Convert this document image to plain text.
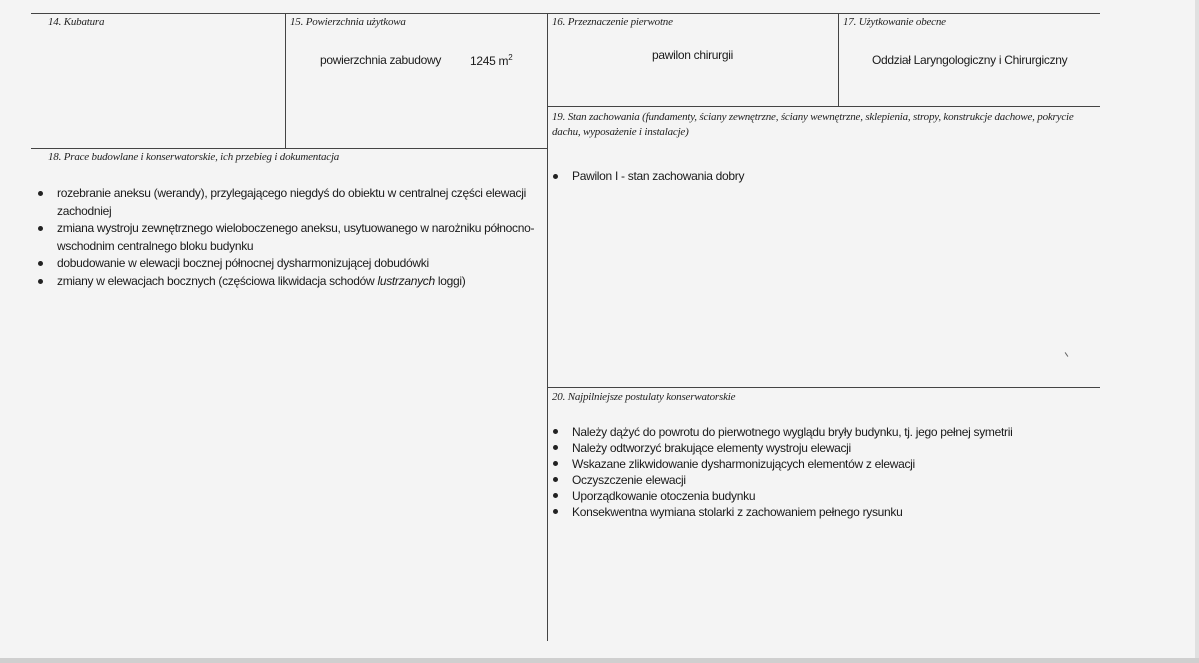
14. Kubatura	15. Powierzchnia użytkowa
powierzchnia zabudowy 1245 $m^2$
16. Przeznaczenie pierwotne
pawilon chirurgii
17. Użytkowanie obecne
Oddział Laryngologiczny i Chirurgiczny
19. Stan zachowania (fundamenty, ściany zewnętrzne, ściany wewnętrzne, sklepienia, stropy, konstrukcje dachowe, pokrycie dachu, wyposażenie i instalacje)
Pawilon I - stan zachowania dobry
18. Prace budowlane i konserwatorskie, ich przebieg i dokumentacja
rozebranie aneksu (werandy), przylegającego niegdyś do obiektu w centralnej części elewacji zachodniej
zmiana wystroju zewnętrznego wieloboczenego aneksu, usytuowanego w narożniku północno-wschodnim centralnego bloku budynku
dobudowanie w elewacji bocznej północnej dysharmonizującej dobudówki
zmiany w elewacjach bocznych (częściowa likwidacja schodów lustrzanych loggi)
20. Najpilniejsze postulaty konserwatorskie
Należy dążyć do powrotu do pierwotnego wyglądu bryły budynku, tj. jego pełnej symetrii
Należy odtworzyć brakujące elementy wystroju elewacji
Wskazane zlikwidowanie dysharmonizujących elementów z elewacji
Oczyszczenie elewacji
Uporządkowanie otoczenia budynku
Konsekwentna wymiana stolarki z zachowaniem pełnego rysunku
